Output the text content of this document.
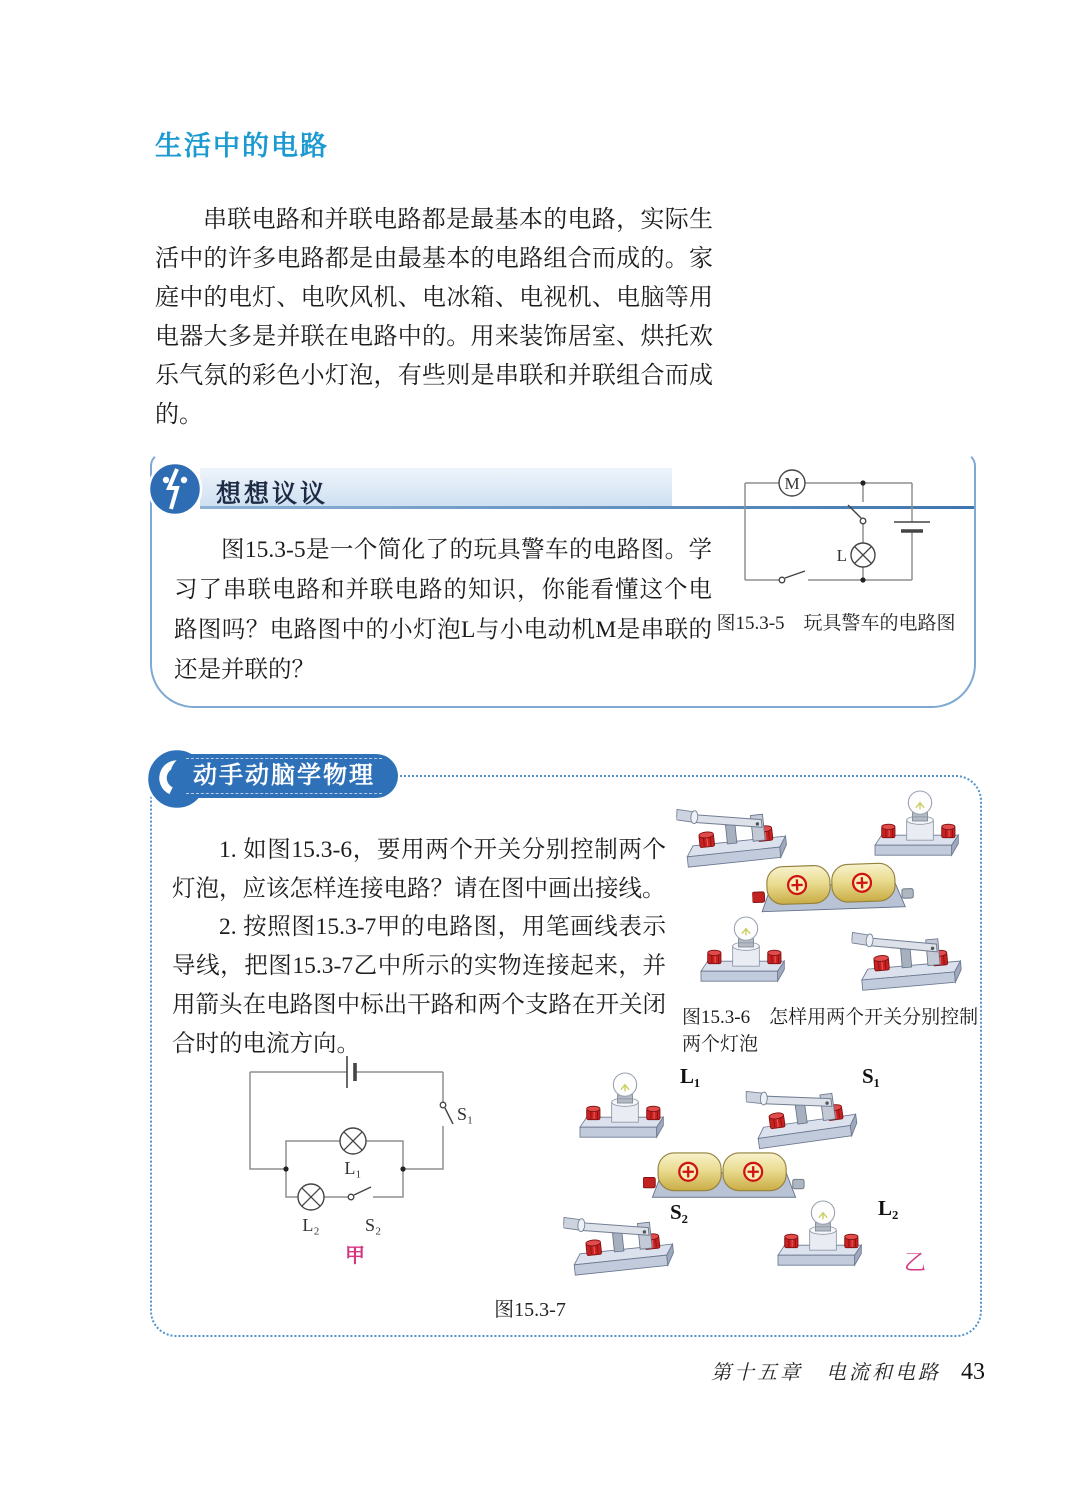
生活中的电路
串联电路和并联电路都是最基本的电路，实际生活中的许多电路都是由最基本的电路组合而成的。家庭中的电灯、电吹风机、电冰箱、电视机、电脑等用电器大多是并联在电路中的。用来装饰居室、烘托欢乐气氛的彩色小灯泡，有些则是串联和并联组合而成的。
想想议议
图15.3-5是一个简化了的玩具警车的电路图。学习了串联电路和并联电路的知识，你能看懂这个电路图吗？电路图中的小灯泡L与小电动机M是串联的还是并联的？
M
L
图15.3-5　玩具警车的电路图
动手动脑学物理
1. 如图15.3-6，要用两个开关分别控制两个灯泡，应该怎样连接电路？请在图中画出接线。
2. 按照图15.3-7甲的电路图，用笔画线表示导线，把图15.3-7乙中所示的实物连接起来，并用箭头在电路图中标出干路和两个支路在开关闭合时的电流方向。
图15.3-6　怎样用两个开关分别控制两个灯泡
S₁
L₁
L₂	S₂
甲
L₁	S₁
S₂	L₂
乙
图15.3-7
第十五章　电流和电路 43
